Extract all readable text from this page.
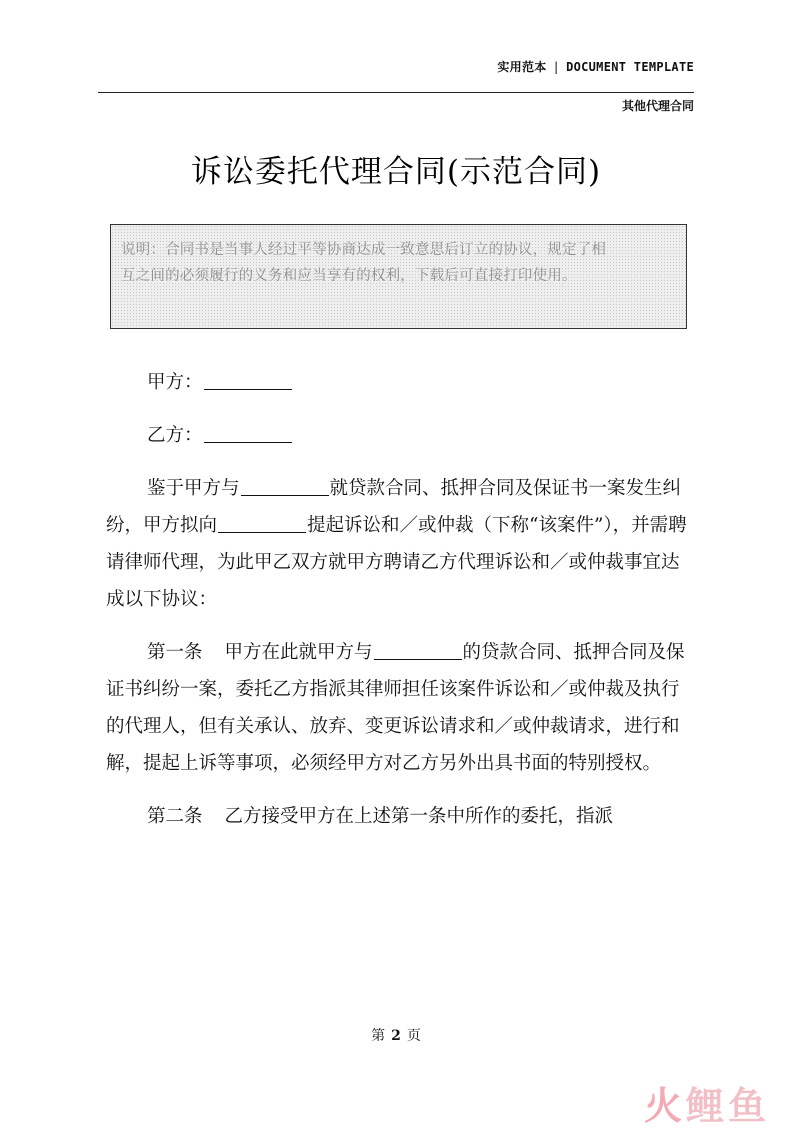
实用范本 | DOCUMENT TEMPLATE
其他代理合同
诉讼委托代理合同(示范合同)

说明：合同书是当事人经过平等协商达成一致意思后订立的协议，规定了相

互之间的必须履行的义务和应当享有的权利，下载后可直接打印使用。

甲方：

乙方：

鉴于甲方与	就贷款合同、抵押合同及保证书一案发生纠纷，甲方拟向	提起诉讼和／或仲裁（下称“该案件”），并需聘请律师代理，为此甲乙双方就甲方聘请乙方代理诉讼和／或仲裁事宜达成以下协议：

第一条 甲方在此就甲方与	的贷款合同、抵押合同及保证书纠纷一案，委托乙方指派其律师担任该案件诉讼和／或仲裁及执行的代理人，但有关承认、放弃、变更诉讼请求和／或仲裁请求，进行和解，提起上诉等事项，必须经甲方对乙方另外出具书面的特别授权。

第二条 乙方接受甲方在上述第一条中所作的委托，指派

第 2 页
火鲤鱼
